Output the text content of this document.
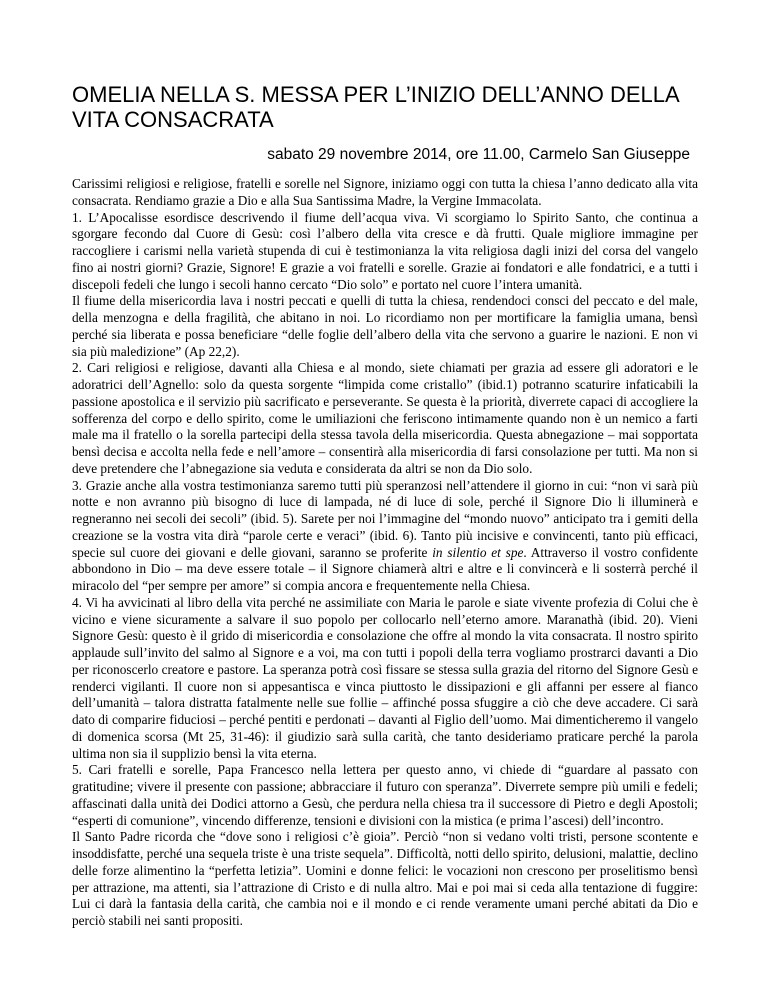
OMELIA NELLA S. MESSA PER L’INIZIO DELL’ANNO DELLA VITA CONSACRATA
sabato 29 novembre 2014, ore 11.00, Carmelo San Giuseppe

Carissimi religiosi e religiose, fratelli e sorelle nel Signore, iniziamo oggi con tutta la chiesa l’anno dedicato alla vita consacrata. Rendiamo grazie a Dio e alla Sua Santissima Madre, la Vergine Immacolata.

1. L’Apocalisse esordisce descrivendo il fiume dell’acqua viva. Vi scorgiamo lo Spirito Santo, che continua a sgorgare fecondo dal Cuore di Gesù: così l’albero della vita cresce e dà frutti. Quale migliore immagine per raccogliere i carismi nella varietà stupenda di cui è testimonianza la vita religiosa dagli inizi del corsa del vangelo fino ai nostri giorni? Grazie, Signore! E grazie a voi fratelli e sorelle. Grazie ai fondatori e alle fondatrici, e a tutti i discepoli fedeli che lungo i secoli hanno cercato “Dio solo” e portato nel cuore l’intera umanità.

Il fiume della misericordia lava i nostri peccati e quelli di tutta la chiesa, rendendoci consci del peccato e del male, della menzogna e della fragilità, che abitano in noi. Lo ricordiamo non per mortificare la famiglia umana, bensì perché sia liberata e possa beneficiare “delle foglie dell’albero della vita che servono a guarire le nazioni. E non vi sia più maledizione” (Ap 22,2).

2. Cari religiosi e religiose, davanti alla Chiesa e al mondo, siete chiamati per grazia ad essere gli adoratori e le adoratrici dell’Agnello: solo da questa sorgente “limpida come cristallo” (ibid.1) potranno scaturire infaticabili la passione apostolica e il servizio più sacrificato e perseverante. Se questa è la priorità, diverrete capaci di accogliere la sofferenza del corpo e dello spirito, come le umiliazioni che feriscono intimamente quando non è un nemico a farti male ma il fratello o la sorella partecipi della stessa tavola della misericordia. Questa abnegazione – mai sopportata bensì decisa e accolta nella fede e nell’amore – consentirà alla misericordia di farsi consolazione per tutti. Ma non si deve pretendere che l’abnegazione sia veduta e considerata da altri se non da Dio solo.

3. Grazie anche alla vostra testimonianza saremo tutti più speranzosi nell’attendere il giorno in cui: “non vi sarà più notte e non avranno più bisogno di luce di lampada, né di luce di sole, perché il Signore Dio li illuminerà e regneranno nei secoli dei secoli” (ibid. 5). Sarete per noi l’immagine del “mondo nuovo” anticipato tra i gemiti della creazione se la vostra vita dirà “parole certe e veraci” (ibid. 6). Tanto più incisive e convincenti, tanto più efficaci, specie sul cuore dei giovani e delle giovani, saranno se proferite in silentio et spe. Attraverso il vostro confidente abbondono in Dio – ma deve essere totale – il Signore chiamerà altri e altre e li convincerà e li sosterrà perché il miracolo del “per sempre per amore” si compia ancora e frequentemente nella Chiesa.

4. Vi ha avvicinati al libro della vita perché ne assimiliate con Maria le parole e siate vivente profezia di Colui che è vicino e viene sicuramente a salvare il suo popolo per collocarlo nell’eterno amore. Maranathà (ibid. 20). Vieni Signore Gesù: questo è il grido di misericordia e consolazione che offre al mondo la vita consacrata. Il nostro spirito applaude sull’invito del salmo al Signore e a voi, ma con tutti i popoli della terra vogliamo prostrarci davanti a Dio per riconoscerlo creatore e pastore. La speranza potrà così fissare se stessa sulla grazia del ritorno del Signore Gesù e renderci vigilanti. Il cuore non si appesantisca e vinca piuttosto le dissipazioni e gli affanni per essere al fianco dell’umanità – talora distratta fatalmente nelle sue follie – affinché possa sfuggire a ciò che deve accadere. Ci sarà dato di comparire fiduciosi – perché pentiti e perdonati – davanti al Figlio dell’uomo. Mai dimenticheremo il vangelo di domenica scorsa (Mt 25, 31-46): il giudizio sarà sulla carità, che tanto desideriamo praticare perché la parola ultima non sia il supplizio bensì la vita eterna.

5. Cari fratelli e sorelle, Papa Francesco nella lettera per questo anno, vi chiede di “guardare al passato con gratitudine; vivere il presente con passione; abbracciare il futuro con speranza”. Diverrete sempre più umili e fedeli; affascinati dalla unità dei Dodici attorno a Gesù, che perdura nella chiesa tra il successore di Pietro e degli Apostoli; “esperti di comunione”, vincendo differenze, tensioni e divisioni con la mistica (e prima l’ascesi) dell’incontro.

Il Santo Padre ricorda che “dove sono i religiosi c’è gioia”. Perciò “non si vedano volti tristi, persone scontente e insoddisfatte, perché una sequela triste è una triste sequela”. Difficoltà, notti dello spirito, delusioni, malattie, declino delle forze alimentino la “perfetta letizia”. Uomini e donne felici: le vocazioni non crescono per proselitismo bensì per attrazione, ma attenti, sia l’attrazione di Cristo e di nulla altro. Mai e poi mai si ceda alla tentazione di fuggire: Lui ci darà la fantasia della carità, che cambia noi e il mondo e ci rende veramente umani perché abitati da Dio e perciò stabili nei santi propositi.
